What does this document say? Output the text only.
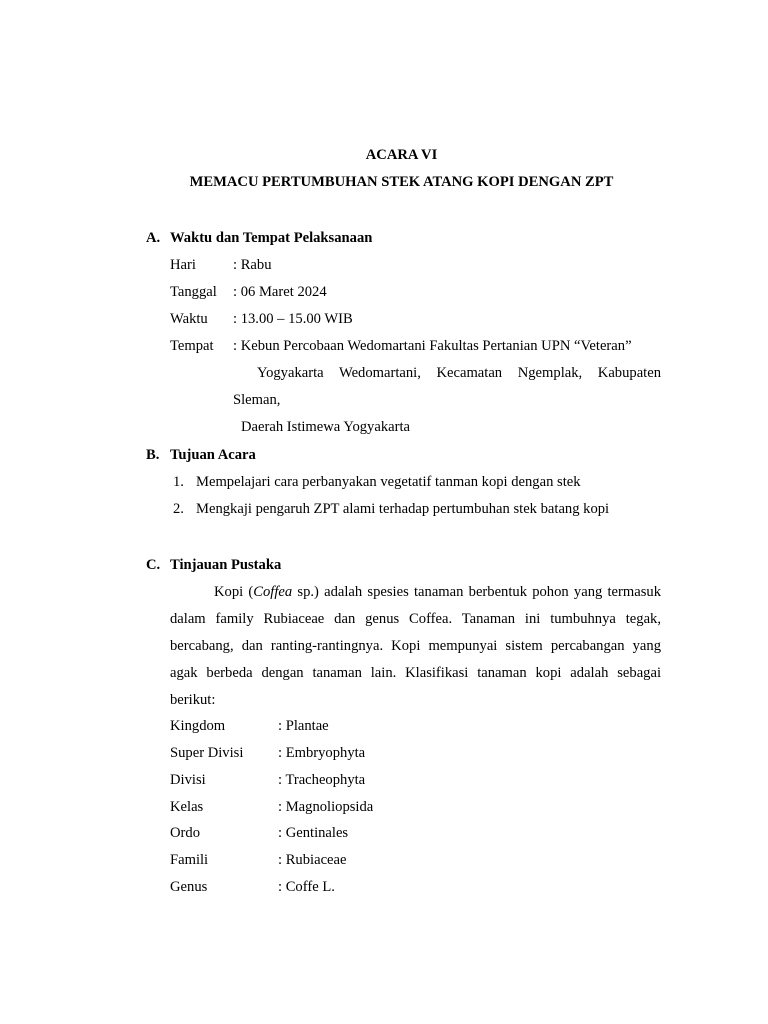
ACARA VI
MEMACU PERTUMBUHAN STEK ATANG KOPI DENGAN ZPT
A. Waktu dan Tempat Pelaksanaan
Hari	: Rabu
Tanggal : 06 Maret 2024
Waktu : 13.00 – 15.00 WIB
Tempat : Kebun Percobaan Wedomartani Fakultas Pertanian UPN “Veteran”
Yogyakarta Wedomartani, Kecamatan Ngemplak, Kabupaten
Sleman,
Daerah Istimewa Yogyakarta
B. Tujuan Acara
1. Mempelajari cara perbanyakan vegetatif tanman kopi dengan stek
2. Mengkaji pengaruh ZPT alami terhadap pertumbuhan stek batang kopi
C. Tinjauan Pustaka
Kopi (Coffea sp.) adalah spesies tanaman berbentuk pohon yang termasuk
dalam family Rubiaceae dan genus Coffea. Tanaman ini tumbuhnya tegak,
bercabang, dan ranting-rantingnya. Kopi mempunyai sistem percabangan yang
agak berbeda dengan tanaman lain. Klasifikasi tanaman kopi adalah sebagai
berikut:
Kingdom	: Plantae
Super Divisi : Embryophyta
Divisi	: Tracheophyta
Kelas	: Magnoliopsida
Ordo	: Gentinales
Famili	: Rubiaceae
Genus	: Coffe L.
